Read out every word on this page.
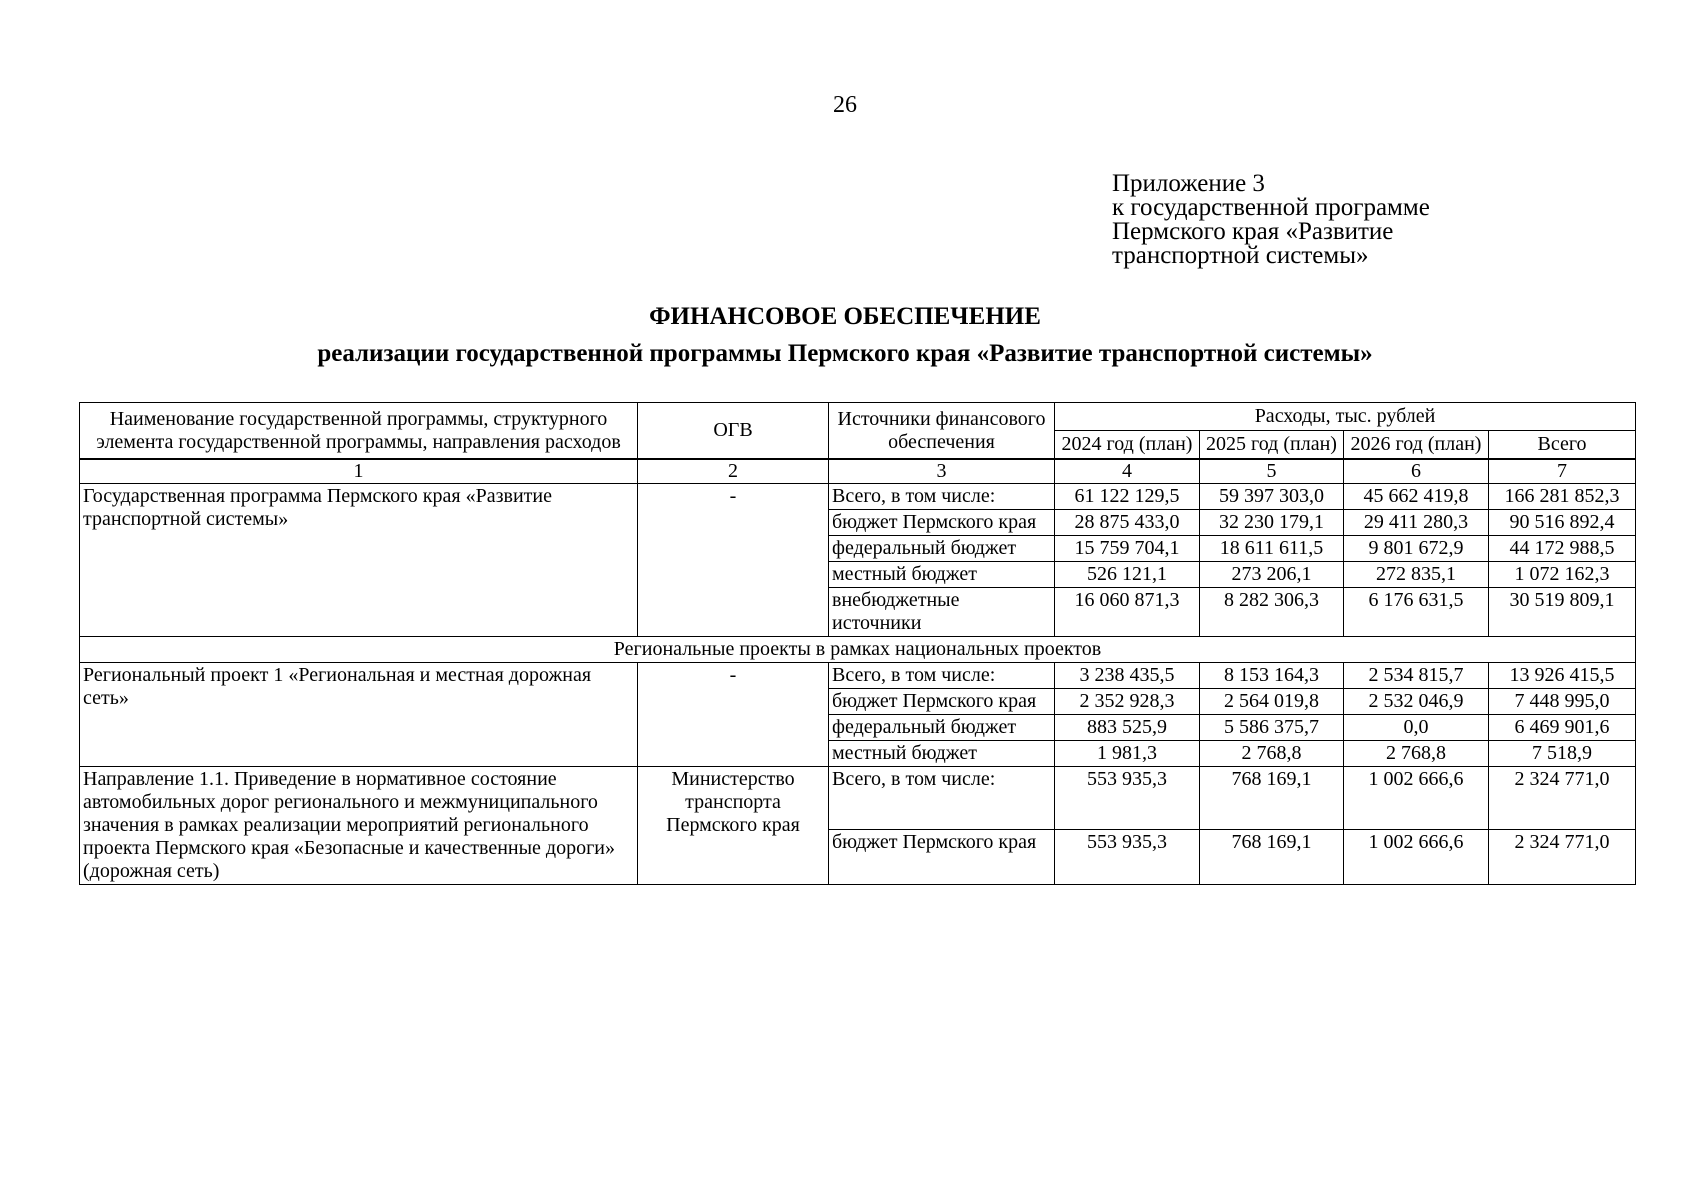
26
Приложение 3
к государственной программе
Пермского края «Развитие
транспортной системы»
ФИНАНСОВОЕ ОБЕСПЕЧЕНИЕ
реализации государственной программы Пермского края «Развитие транспортной системы»
Наименование государственной программы, структурного элемента государственной программы, направления расходов	ОГВ	Источники финансового обеспечения	Расходы, тыс. рублей			
			2024 год (план)	2025 год (план)	2026 год (план)	Всего
1	2	3	4	5	6	7
Государственная программа Пермского края «Развитие транспортной системы»	-	Всего, в том числе:	61 122 129,5	59 397 303,0	45 662 419,8	166 281 852,3
		бюджет Пермского края	28 875 433,0	32 230 179,1	29 411 280,3	90 516 892,4
		федеральный бюджет	15 759 704,1	18 611 611,5	9 801 672,9	44 172 988,5
		местный бюджет	526 121,1	273 206,1	272 835,1	1 072 162,3
		внебюджетные источники	16 060 871,3	8 282 306,3	6 176 631,5	30 519 809,1
Региональные проекты в рамках национальных проектов						
Региональный проект 1 «Региональная и местная дорожная сеть»	-	Всего, в том числе:	3 238 435,5	8 153 164,3	2 534 815,7	13 926 415,5
		бюджет Пермского края	2 352 928,3	2 564 019,8	2 532 046,9	7 448 995,0
		федеральный бюджет	883 525,9	5 586 375,7	0,0	6 469 901,6
		местный бюджет	1 981,3	2 768,8	2 768,8	7 518,9
Направление 1.1. Приведение в нормативное состояние автомобильных дорог регионального и межмуниципального значения в рамках реализации мероприятий регионального проекта Пермского края «Безопасные и качественные дороги» (дорожная сеть)	Министерство транспорта Пермского края	Всего, в том числе:	553 935,3	768 169,1	1 002 666,6	2 324 771,0
		бюджет Пермского края	553 935,3	768 169,1	1 002 666,6	2 324 771,0
